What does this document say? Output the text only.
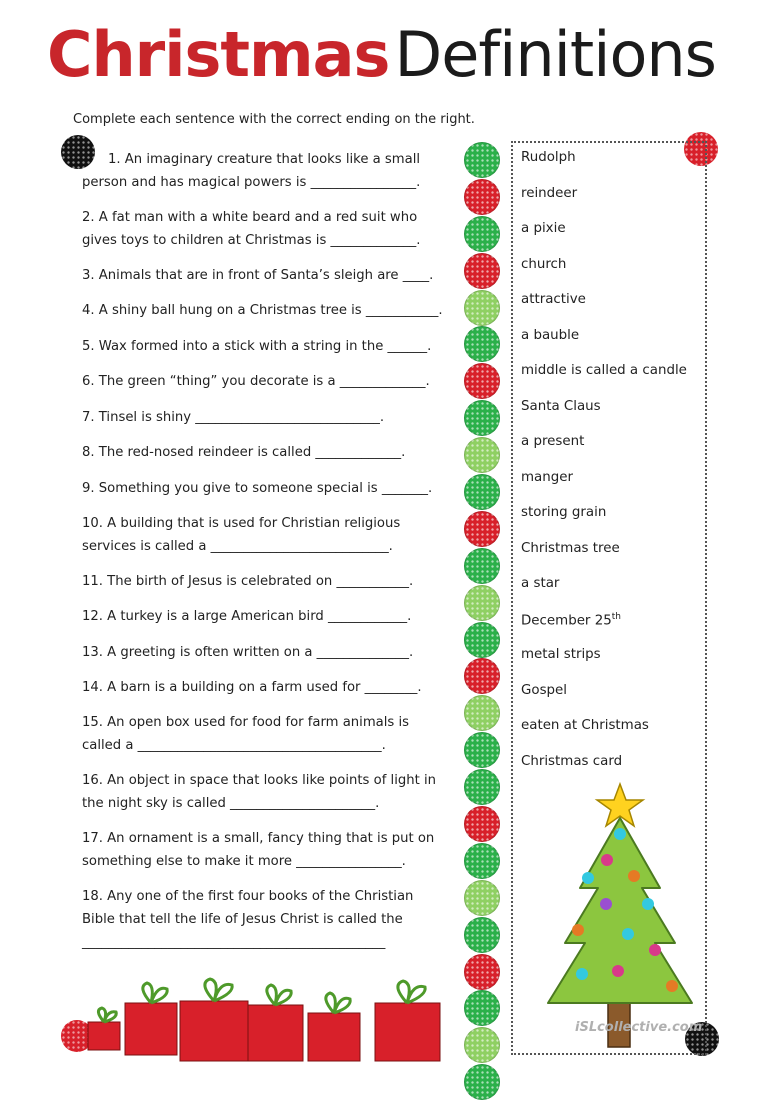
Christmas Definitions
Complete each sentence with the correct ending on the right.
1. An imaginary creature that looks like a small
person and has magical powers is ________________.
2. A fat man with a white beard and a red suit who
gives toys to children at Christmas is _____________.
3. Animals that are in front of Santa’s sleigh are ____.
4. A shiny ball hung on a Christmas tree is ___________.
5. Wax formed into a stick with a string in the ______.
6. The green “thing” you decorate is a _____________.
7. Tinsel is shiny ____________________________.
8. The red-nosed reindeer is called _____________.
9. Something you give to someone special is _______.
10. A building that is used for Christian religious
services is called a ___________________________.
11. The birth of Jesus is celebrated on ___________.
12. A turkey is a large American bird ____________.
13. A greeting is often written on a ______________.
14. A barn is a building on a farm used for ________.
15. An open box used for food for farm animals is
called a _____________________________________.
16. An object in space that looks like points of light in
the night sky is called ______________________.
17. An ornament is a small, fancy thing that is put on
something else to make it more ________________.
18. Any one of the first four books of the Christian
Bible that tell the life of Jesus Christ is called the
______________________________________________
Rudolph
reindeer
a pixie
church
attractive
a bauble
middle is called a candle
Santa Claus
a present
manger
storing grain
Christmas tree
a star
December 25th
metal strips
Gospel
eaten at Christmas
Christmas card
iSLcollective.com
